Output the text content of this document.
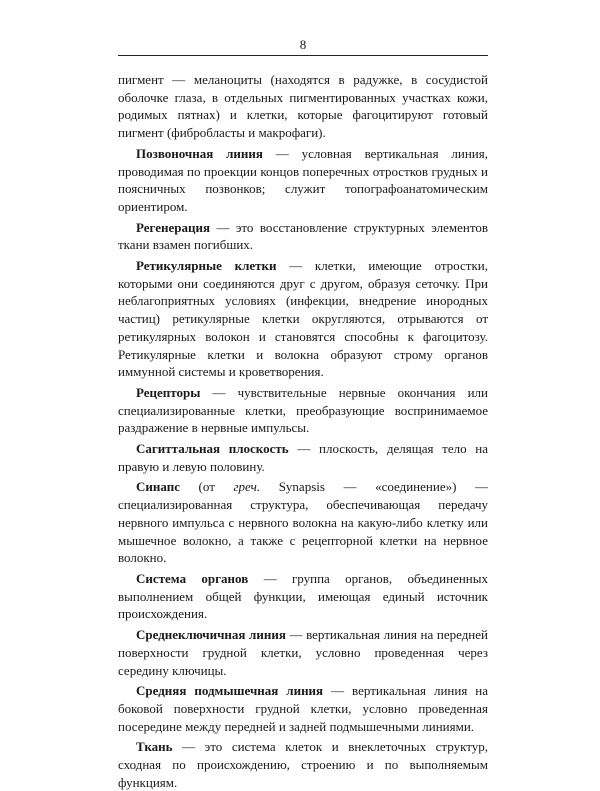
8

пигмент — меланоциты (находятся в радужке, в сосудистой оболочке глаза, в отдельных пигментированных участках кожи, родимых пятнах) и клетки, которые фагоцитируют готовый пигмент (фибробласты и макрофаги).

Позвоночная линия — условная вертикальная линия, проводимая по проекции концов поперечных отростков грудных и поясничных позвонков; служит топографоанатомическим ориентиром.

Регенерация — это восстановление структурных элементов ткани взамен погибших.

Ретикулярные клетки — клетки, имеющие отростки, которыми они соединяются друг с другом, образуя сеточку. При неблагоприятных условиях (инфекции, внедрение инородных частиц) ретикулярные клетки округляются, отрываются от ретикулярных волокон и становятся способны к фагоцитозу. Ретикулярные клетки и волокна образуют строму органов иммунной системы и кроветворения.

Рецепторы — чувствительные нервные окончания или специализированные клетки, преобразующие воспринимаемое раздражение в нервные импульсы.

Сагиттальная плоскость — плоскость, делящая тело на правую и левую половину.

Синапс (от греч. Synapsis — «соединение») — специализированная структура, обеспечивающая передачу нервного импульса с нервного волокна на какую-либо клетку или мышечное волокно, а также с рецепторной клетки на нервное волокно.

Система органов — группа органов, объединенных выполнением общей функции, имеющая единый источник происхождения.

Среднеключичная линия — вертикальная линия на передней поверхности грудной клетки, условно проведенная через середину ключицы.

Средняя подмышечная линия — вертикальная линия на боковой поверхности грудной клетки, условно проведенная посередине между передней и задней подмышечными линиями.

Ткань — это система клеток и внеклеточных структур, сходная по происхождению, строению и по выполняемым функциям.
